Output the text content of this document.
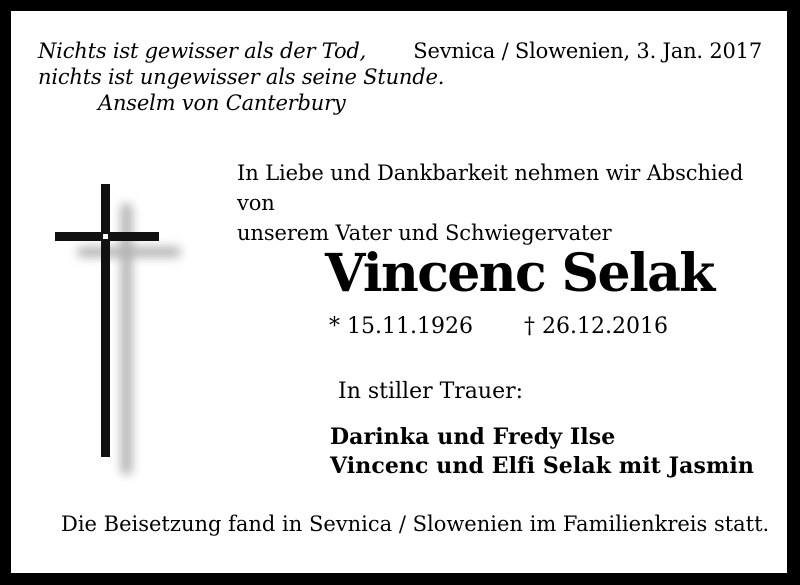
Nichts ist gewisser als der Tod,
nichts ist ungewisser als seine Stunde.
Anselm von Canterbury
Sevnica / Slowenien, 3. Jan. 2017
In Liebe und Dankbarkeit nehmen wir Abschied von
unserem Vater und Schwiegervater
Vincenc Selak
* 15.11.1926 † 26.12.2016
In stiller Trauer:
Darinka und Fredy Ilse
Vincenc und Elfi Selak mit Jasmin
Die Beisetzung fand in Sevnica / Slowenien im Familienkreis statt.
